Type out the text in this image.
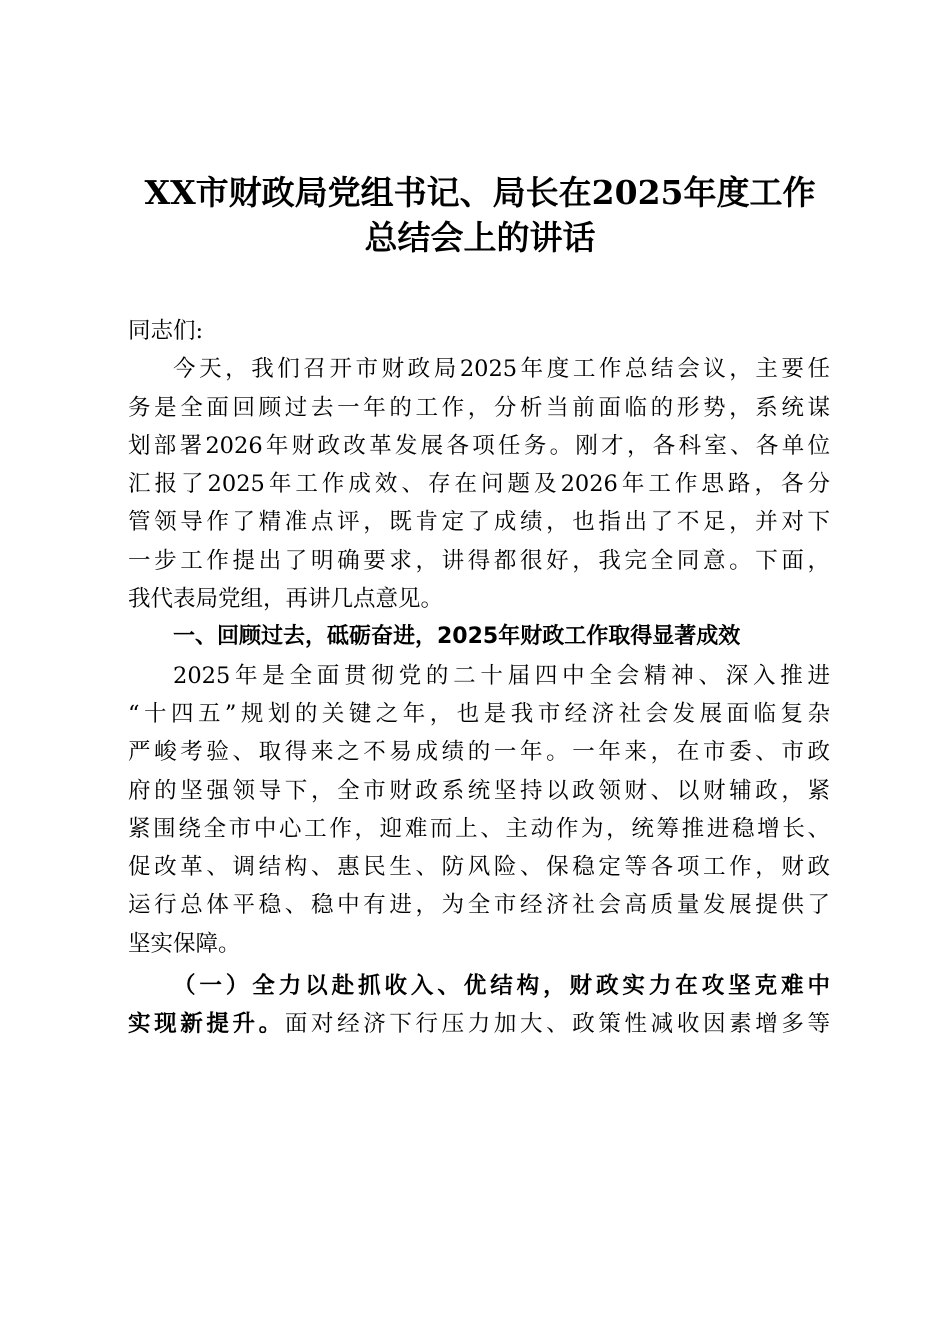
XX市财政局党组书记、局长在2025年度工作
总结会上的讲话
同志们:
今天，我们召开市财政局2025年度工作总结会议，主要任
务是全面回顾过去一年的工作，分析当前面临的形势，系统谋
划部署2026年财政改革发展各项任务。刚才，各科室、各单位
汇报了2025年工作成效、存在问题及2026年工作思路，各分
管领导作了精准点评，既肯定了成绩，也指出了不足，并对下
一步工作提出了明确要求，讲得都很好，我完全同意。下面，
我代表局党组，再讲几点意见。
一、回顾过去，砥砺奋进，2025年财政工作取得显著成效
2025年是全面贯彻党的二十届四中全会精神、深入推进
“十四五”规划的关键之年，也是我市经济社会发展面临复杂
严峻考验、取得来之不易成绩的一年。一年来，在市委、市政
府的坚强领导下，全市财政系统坚持以政领财、以财辅政，紧
紧围绕全市中心工作，迎难而上、主动作为，统筹推进稳增长、
促改革、调结构、惠民生、防风险、保稳定等各项工作，财政
运行总体平稳、稳中有进，为全市经济社会高质量发展提供了
坚实保障。
（一）全力以赴抓收入、优结构，财政实力在攻坚克难中
实现新提升。面对经济下行压力加大、政策性减收因素增多等
